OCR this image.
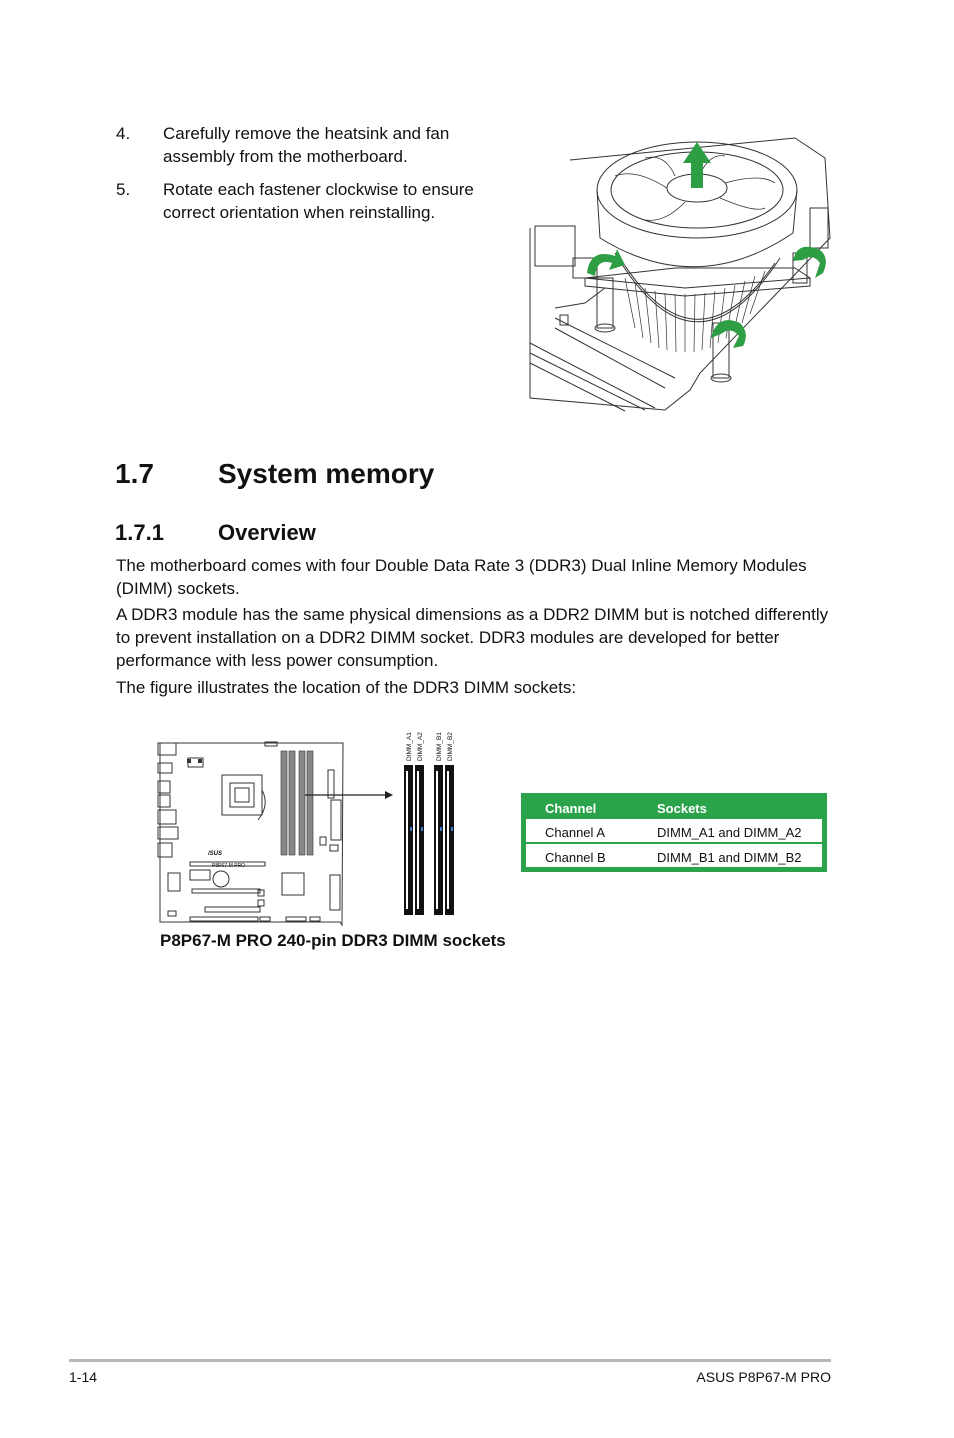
4. Carefully remove the heatsink and fan assembly from the motherboard.
5. Rotate each fastener clockwise to ensure correct orientation when reinstalling.
1.7 System memory
1.7.1 Overview

The motherboard comes with four Double Data Rate 3 (DDR3) Dual Inline Memory Modules (DIMM) sockets.

A DDR3 module has the same physical dimensions as a DDR2 DIMM but is notched differently to prevent installation on a DDR2 DIMM socket. DDR3 modules are developed for better performance with less power consumption.

The figure illustrates the location of the DDR3 DIMM sockets:

/SUS
P8P67-M PRO
DIMM_A1 DIMM_A2 DIMM_B1 DIMM_B2
P8P67-M PRO 240-pin DDR3 DIMM sockets
Channel	Sockets
Channel A	DIMM_A1 and DIMM_A2
Channel B	DIMM_B1 and DIMM_B2
1-14	ASUS P8P67-M PRO
